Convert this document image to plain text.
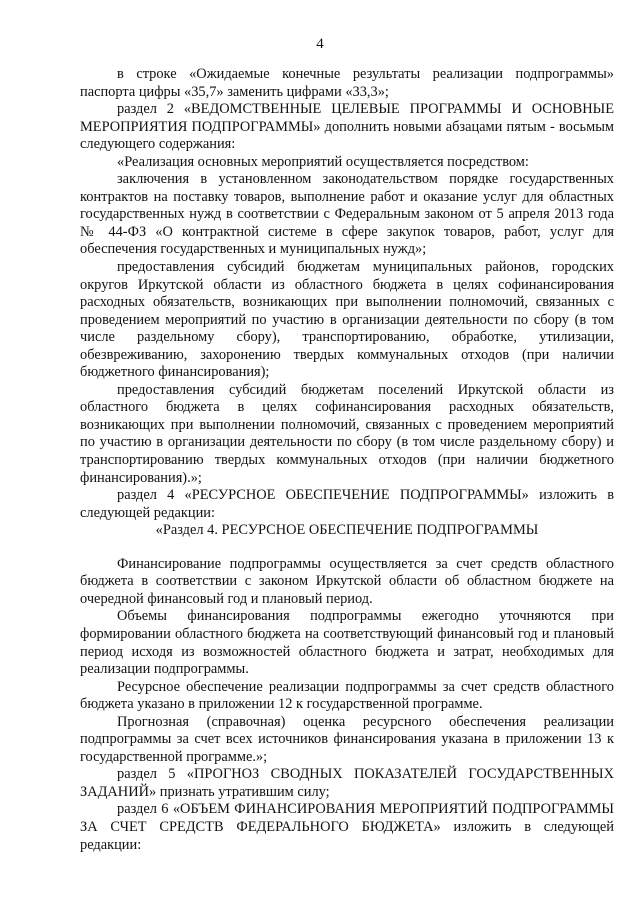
4

в строке «Ожидаемые конечные результаты реализации подпрограммы» паспорта цифры «35,7» заменить цифрами «33,3»;

раздел 2 «ВЕДОМСТВЕННЫЕ ЦЕЛЕВЫЕ ПРОГРАММЫ И ОСНОВНЫЕ МЕРОПРИЯТИЯ ПОДПРОГРАММЫ» дополнить новыми абзацами пятым - восьмым следующего содержания:

«Реализация основных мероприятий осуществляется посредством:

заключения в установленном законодательством порядке государственных контрактов на поставку товаров, выполнение работ и оказание услуг для областных государственных нужд в соответствии с Федеральным законом от 5 апреля 2013 года № 44-ФЗ «О контрактной системе в сфере закупок товаров, работ, услуг для обеспечения государственных и муниципальных нужд»;

предоставления субсидий бюджетам муниципальных районов, городских округов Иркутской области из областного бюджета в целях софинансирования расходных обязательств, возникающих при выполнении полномочий, связанных с проведением мероприятий по участию в организации деятельности по сбору (в том числе раздельному сбору), транспортированию, обработке, утилизации, обезвреживанию, захоронению твердых коммунальных отходов (при наличии бюджетного финансирования);

предоставления субсидий бюджетам поселений Иркутской области из областного бюджета в целях софинансирования расходных обязательств, возникающих при выполнении полномочий, связанных с проведением мероприятий по участию в организации деятельности по сбору (в том числе раздельному сбору) и транспортированию твердых коммунальных отходов (при наличии бюджетного финансирования).»;

раздел 4 «РЕСУРСНОЕ ОБЕСПЕЧЕНИЕ ПОДПРОГРАММЫ» изложить в следующей редакции:

«Раздел 4. РЕСУРСНОЕ ОБЕСПЕЧЕНИЕ ПОДПРОГРАММЫ

Финансирование подпрограммы осуществляется за счет средств областного бюджета в соответствии с законом Иркутской области об областном бюджете на очередной финансовый год и плановый период.

Объемы финансирования подпрограммы ежегодно уточняются при формировании областного бюджета на соответствующий финансовый год и плановый период исходя из возможностей областного бюджета и затрат, необходимых для реализации подпрограммы.

Ресурсное обеспечение реализации подпрограммы за счет средств областного бюджета указано в приложении 12 к государственной программе.

Прогнозная (справочная) оценка ресурсного обеспечения реализации подпрограммы за счет всех источников финансирования указана в приложении 13 к государственной программе.»;

раздел 5 «ПРОГНОЗ СВОДНЫХ ПОКАЗАТЕЛЕЙ ГОСУДАРСТВЕННЫХ ЗАДАНИЙ» признать утратившим силу;

раздел 6 «ОБЪЕМ ФИНАНСИРОВАНИЯ МЕРОПРИЯТИЙ ПОДПРОГРАММЫ ЗА СЧЕТ СРЕДСТВ ФЕДЕРАЛЬНОГО БЮДЖЕТА» изложить в следующей редакции:
